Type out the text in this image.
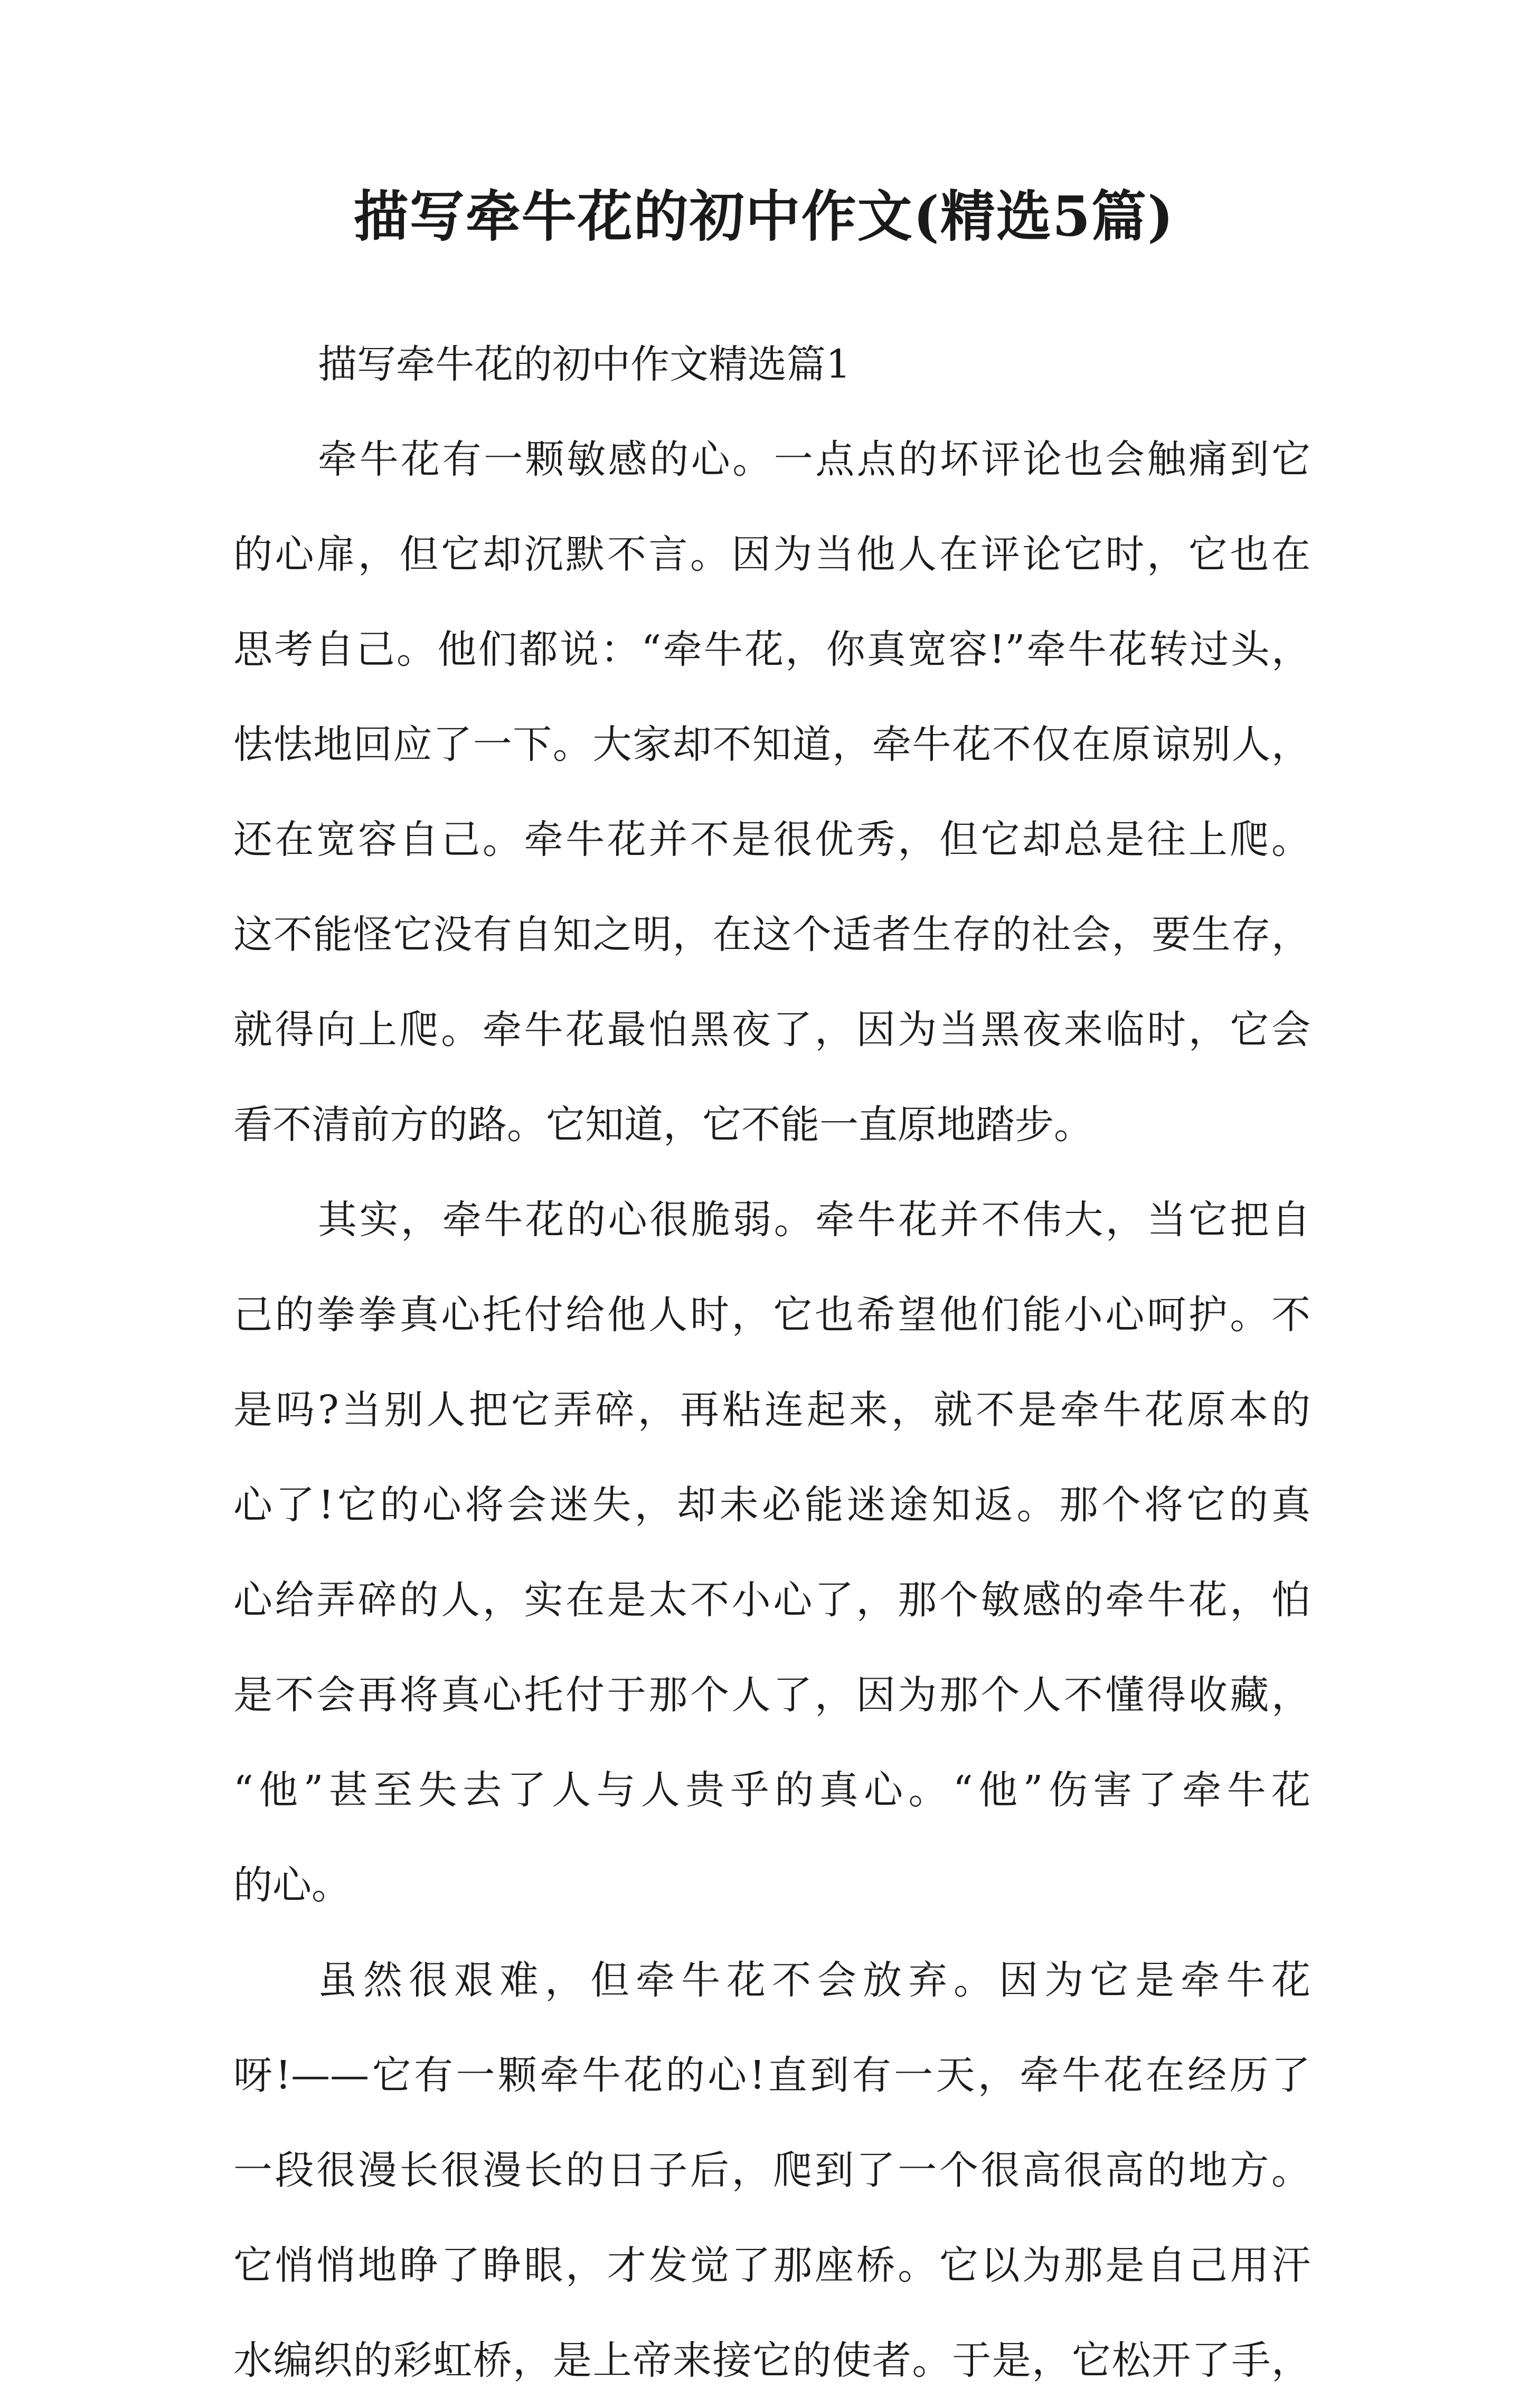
描写牵牛花的初中作文(精选5篇)
描写牵牛花的初中作文精选篇1
牵牛花有一颗敏感的心。一点点的坏评论也会触痛到它
的心扉，但它却沉默不言。因为当他人在评论它时，它也在
思考自己。他们都说：“牵牛花，你真宽容!”牵牛花转过头，
怯怯地回应了一下。大家却不知道，牵牛花不仅在原谅别人，
还在宽容自己。牵牛花并不是很优秀，但它却总是往上爬。
这不能怪它没有自知之明，在这个适者生存的社会，要生存，
就得向上爬。牵牛花最怕黑夜了，因为当黑夜来临时，它会
看不清前方的路。它知道，它不能一直原地踏步。
其实，牵牛花的心很脆弱。牵牛花并不伟大，当它把自
己的拳拳真心托付给他人时，它也希望他们能小心呵护。不
是吗?当别人把它弄碎，再粘连起来，就不是牵牛花原本的
心了!它的心将会迷失，却未必能迷途知返。那个将它的真
心给弄碎的人，实在是太不小心了，那个敏感的牵牛花，怕
是不会再将真心托付于那个人了，因为那个人不懂得收藏，
“他”甚至失去了人与人贵乎的真心。“他”伤害了牵牛花
的心。
虽然很艰难，但牵牛花不会放弃。因为它是牵牛花
呀!——它有一颗牵牛花的心!直到有一天，牵牛花在经历了
一段很漫长很漫长的日子后，爬到了一个很高很高的地方。
它悄悄地睁了睁眼，才发觉了那座桥。它以为那是自己用汗
水编织的彩虹桥，是上帝来接它的使者。于是，它松开了手，
